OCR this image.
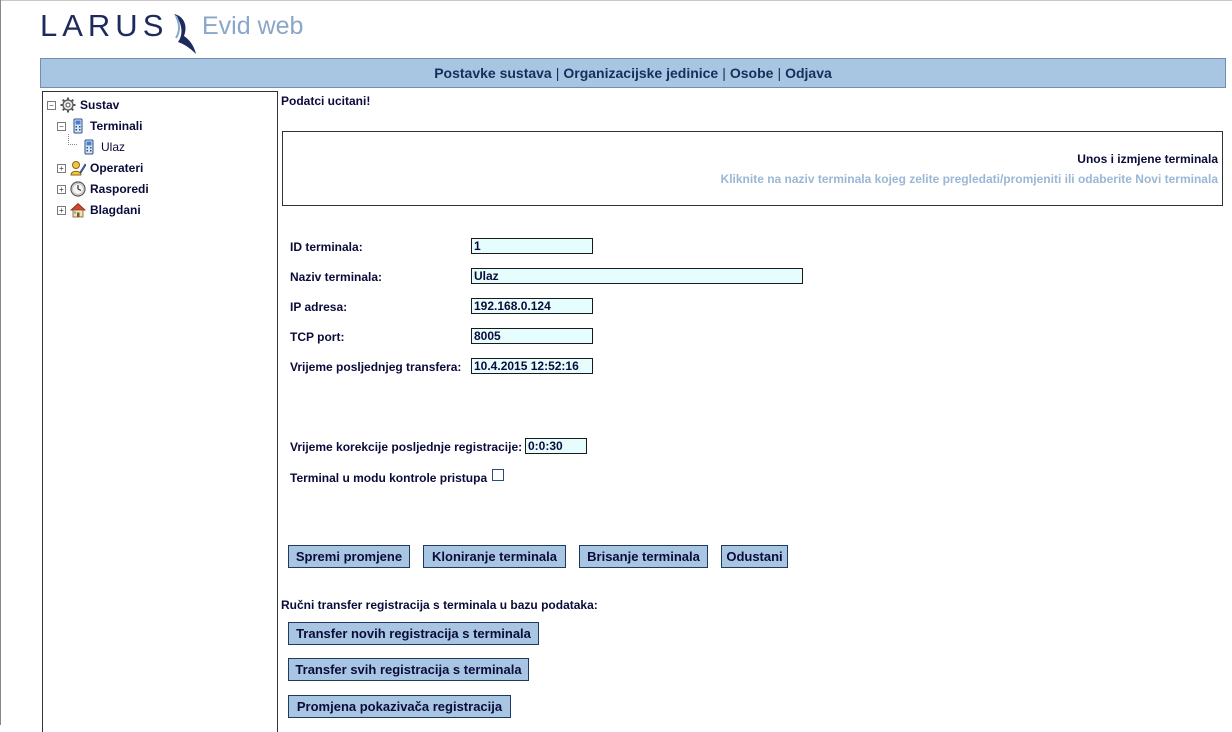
LARUS Evid web
Postavke sustava | Organizacijske jedinice | Osobe | Odjava
− Sustav
− Terminali
Ulaz
+ Operateri
+ Rasporedi
+ Blagdani
Podatci ucitani!
Unos i izmjene terminala
Kliknite na naziv terminala kojeg zelite pregledati/promjeniti ili odaberite Novi terminala
ID terminala:
1
Naziv terminala:
Ulaz
IP adresa:
192.168.0.124
TCP port:
8005
Vrijeme posljednjeg transfera:
10.4.2015 12:52:16
Vrijeme korekcije posljednje registracije:
0:0:30
Terminal u modu kontrole pristupa
Spremi promjene	Kloniranje terminala	Brisanje terminala	Odustani
Ručni transfer registracija s terminala u bazu podataka:
Transfer novih registracija s terminala
Transfer svih registracija s terminala
Promjena pokazivača registracija
